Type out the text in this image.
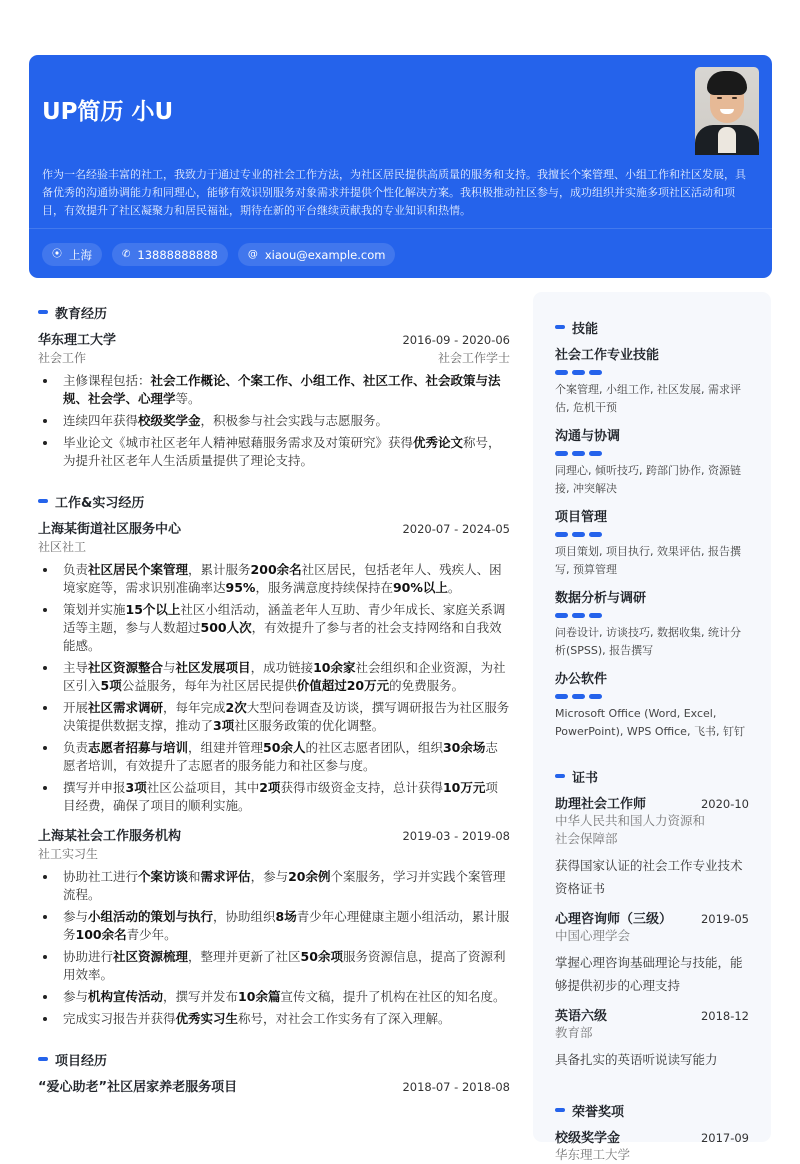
UP简历 小U
作为一名经验丰富的社工，我致力于通过专业的社会工作方法，为社区居民提供高质量的服务和支持。我擅长个案管理、小组工作和社区发展，具备优秀的沟通协调能力和同理心，能够有效识别服务对象需求并提供个性化解决方案。我积极推动社区参与，成功组织并实施多项社区活动和项目，有效提升了社区凝聚力和居民福祉，期待在新的平台继续贡献我的专业知识和热情。
⦿ 上海	✆ 13888888888	@ xiaou@example.com
教育经历
华东理工大学	2016-09 - 2020-06
社会工作	社会工作学士
主修课程包括：社会工作概论、个案工作、小组工作、社区工作、社会政策与法规、社会学、心理学等。
连续四年获得校级奖学金，积极参与社会实践与志愿服务。
毕业论文《城市社区老年人精神慰藉服务需求及对策研究》获得优秀论文称号，为提升社区老年人生活质量提供了理论支持。
工作&实习经历
上海某街道社区服务中心	2020-07 - 2024-05
社区社工
负责社区居民个案管理，累计服务200余名社区居民，包括老年人、残疾人、困境家庭等，需求识别准确率达95%，服务满意度持续保持在90%以上。
策划并实施15个以上社区小组活动，涵盖老年人互助、青少年成长、家庭关系调适等主题，参与人数超过500人次，有效提升了参与者的社会支持网络和自我效能感。
主导社区资源整合与社区发展项目，成功链接10余家社会组织和企业资源，为社区引入5项公益服务，每年为社区居民提供价值超过20万元的免费服务。
开展社区需求调研，每年完成2次大型问卷调查及访谈，撰写调研报告为社区服务决策提供数据支撑，推动了3项社区服务政策的优化调整。
负责志愿者招募与培训，组建并管理50余人的社区志愿者团队，组织30余场志愿者培训，有效提升了志愿者的服务能力和社区参与度。
撰写并申报3项社区公益项目，其中2项获得市级资金支持，总计获得10万元项目经费，确保了项目的顺利实施。
上海某社会工作服务机构	2019-03 - 2019-08
社工实习生
协助社工进行个案访谈和需求评估，参与20余例个案服务，学习并实践个案管理流程。
参与小组活动的策划与执行，协助组织8场青少年心理健康主题小组活动，累计服务100余名青少年。
协助进行社区资源梳理，整理并更新了社区50余项服务资源信息，提高了资源利用效率。
参与机构宣传活动，撰写并发布10余篇宣传文稿，提升了机构在社区的知名度。
完成实习报告并获得优秀实习生称号，对社会工作实务有了深入理解。
项目经历
“爱心助老”社区居家养老服务项目	2018-07 - 2018-08
技能
社会工作专业技能
个案管理, 小组工作, 社区发展, 需求评估, 危机干预
沟通与协调
同理心, 倾听技巧, 跨部门协作, 资源链接, 冲突解决
项目管理
项目策划, 项目执行, 效果评估, 报告撰写, 预算管理
数据分析与调研
问卷设计, 访谈技巧, 数据收集, 统计分析(SPSS), 报告撰写
办公软件
Microsoft Office (Word, Excel, PowerPoint), WPS Office, 飞书, 钉钉
证书
助理社会工作师	2020-10
中华人民共和国人力资源和社会保障部
获得国家认证的社会工作专业技术资格证书
心理咨询师（三级）	2019-05
中国心理学会
掌握心理咨询基础理论与技能，能够提供初步的心理支持
英语六级	2018-12
教育部
具备扎实的英语听说读写能力
荣誉奖项
校级奖学金	2017-09
华东理工大学
